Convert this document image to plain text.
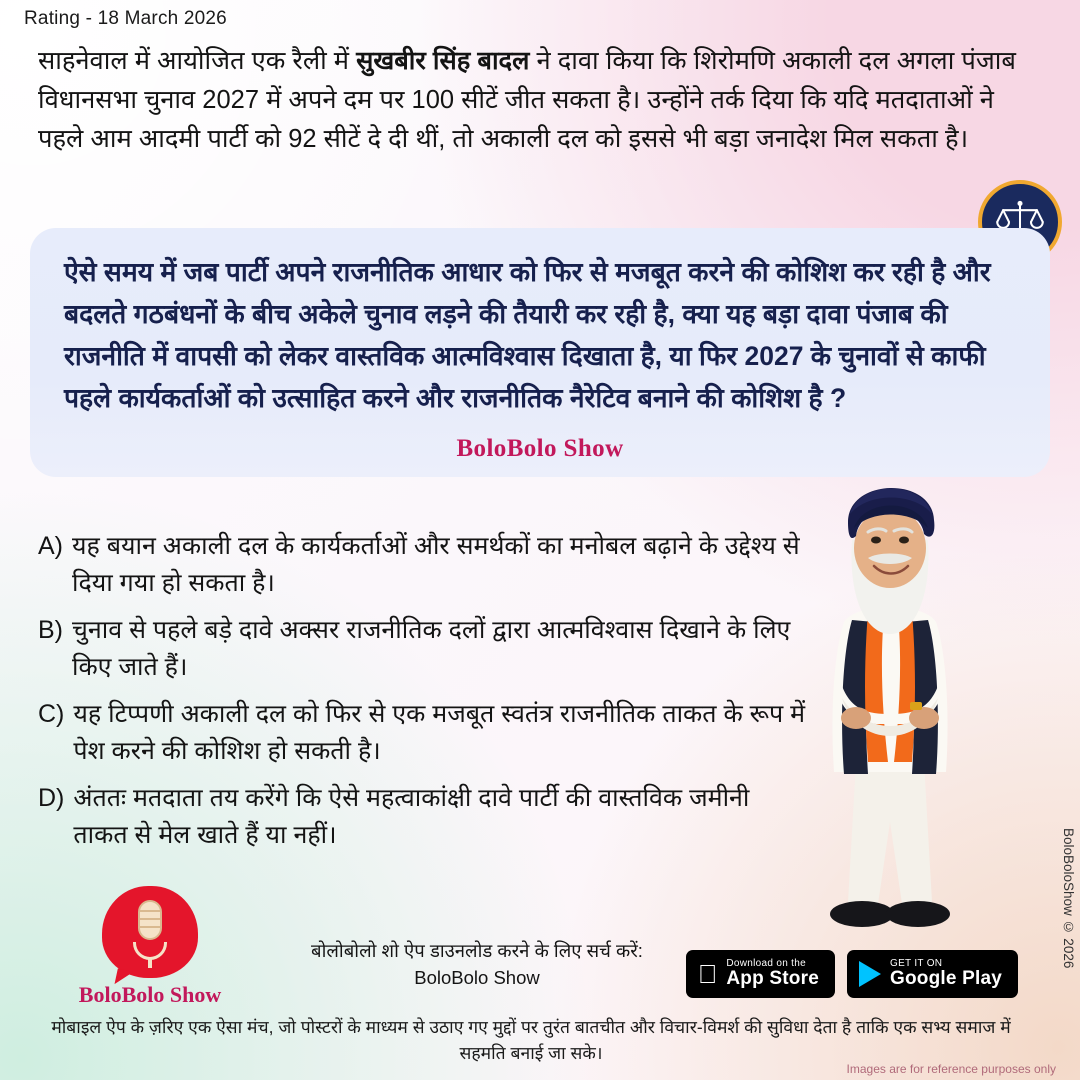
Rating - 18 March 2026
साहनेवाल में आयोजित एक रैली में सुखबीर सिंह बादल ने दावा किया कि शिरोमणि अकाली दल अगला पंजाब विधानसभा चुनाव 2027 में अपने दम पर 100 सीटें जीत सकता है। उन्होंने तर्क दिया कि यदि मतदाताओं ने पहले आम आदमी पार्टी को 92 सीटें दे दी थीं, तो अकाली दल को इससे भी बड़ा जनादेश मिल सकता है।
ऐसे समय में जब पार्टी अपने राजनीतिक आधार को फिर से मजबूत करने की कोशिश कर रही है और बदलते गठबंधनों के बीच अकेले चुनाव लड़ने की तैयारी कर रही है, क्या यह बड़ा दावा पंजाब की राजनीति में वापसी को लेकर वास्तविक आत्मविश्वास दिखाता है, या फिर 2027 के चुनावों से काफी पहले कार्यकर्ताओं को उत्साहित करने और राजनीतिक नैरेटिव बनाने की कोशिश है ?
BoloBolo Show
A) यह बयान अकाली दल के कार्यकर्ताओं और समर्थकों का मनोबल बढ़ाने के उद्देश्य से दिया गया हो सकता है।
B) चुनाव से पहले बड़े दावे अक्सर राजनीतिक दलों द्वारा आत्मविश्वास दिखाने के लिए किए जाते हैं।
C) यह टिप्पणी अकाली दल को फिर से एक मजबूत स्वतंत्र राजनीतिक ताकत के रूप में पेश करने की कोशिश हो सकती है।
D) अंततः मतदाता तय करेंगे कि ऐसे महत्वाकांक्षी दावे पार्टी की वास्तविक जमीनी ताकत से मेल खाते हैं या नहीं।
BoloBolo Show
बोलोबोलो शो ऐप डाउनलोड करने के लिए सर्च करें:
BoloBolo Show
Download on the
App Store
GET IT ON
Google Play
मोबाइल ऐप के ज़रिए एक ऐसा मंच, जो पोस्टरों के माध्यम से उठाए गए मुद्दों पर तुरंत बातचीत और विचार-विमर्श की सुविधा देता है ताकि एक सभ्य समाज में सहमति बनाई जा सके।
BoloBoloShow © 2026
Images are for reference purposes only
